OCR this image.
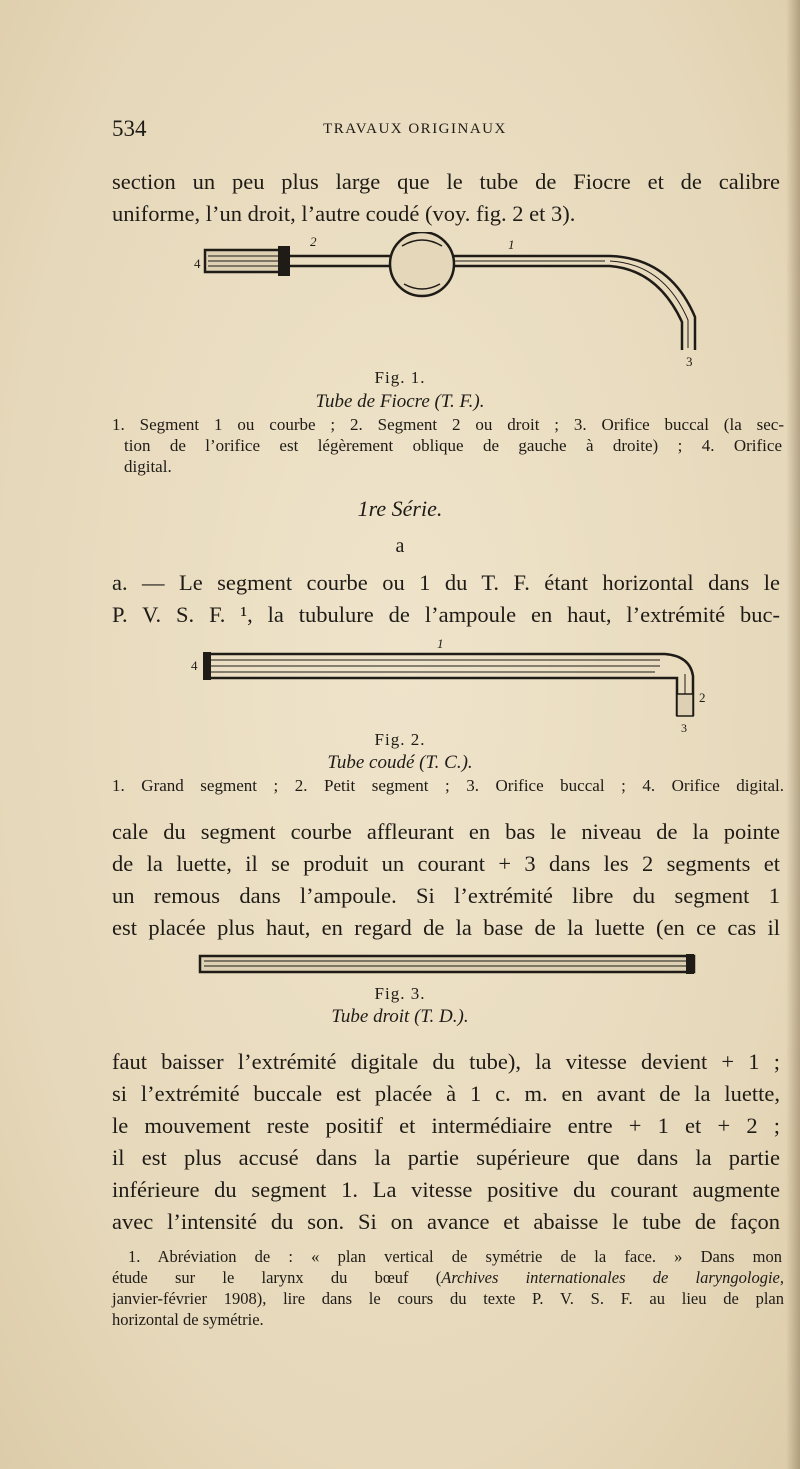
534	TRAVAUX ORIGINAUX
section un peu plus large que le tube de Fiocre et de calibre
uniforme, l’un droit, l’autre coudé (voy. fig. 2 et 3).
4
2	1
3
Fig. 1.
Tube de Fiocre (T. F.).
1. Segment 1 ou courbe ; 2. Segment 2 ou droit ; 3. Orifice buccal (la sec-
tion de l’orifice est légèrement oblique de gauche à droite) ; 4. Orifice
digital.
1re Série.
a
a. — Le segment courbe ou 1 du T. F. étant horizontal dans le
P. V. S. F. ¹, la tubulure de l’ampoule en haut, l’extrémité buc-
4
1
2
3
Fig. 2.
Tube coudé (T. C.).
1. Grand segment ; 2. Petit segment ; 3. Orifice buccal ; 4. Orifice digital.
cale du segment courbe affleurant en bas le niveau de la pointe
de la luette, il se produit un courant + 3 dans les 2 segments et
un remous dans l’ampoule. Si l’extrémité libre du segment 1
est placée plus haut, en regard de la base de la luette (en ce cas il
Fig. 3.
Tube droit (T. D.).
faut baisser l’extrémité digitale du tube), la vitesse devient + 1 ;
si l’extrémité buccale est placée à 1 c. m. en avant de la luette,
le mouvement reste positif et intermédiaire entre + 1 et + 2 ;
il est plus accusé dans la partie supérieure que dans la partie
inférieure du segment 1. La vitesse positive du courant augmente
avec l’intensité du son. Si on avance et abaisse le tube de façon
1. Abréviation de : « plan vertical de symétrie de la face. » Dans mon
étude sur le larynx du bœuf (Archives internationales de laryngologie,
janvier-février 1908), lire dans le cours du texte P. V. S. F. au lieu de plan
horizontal de symétrie.
